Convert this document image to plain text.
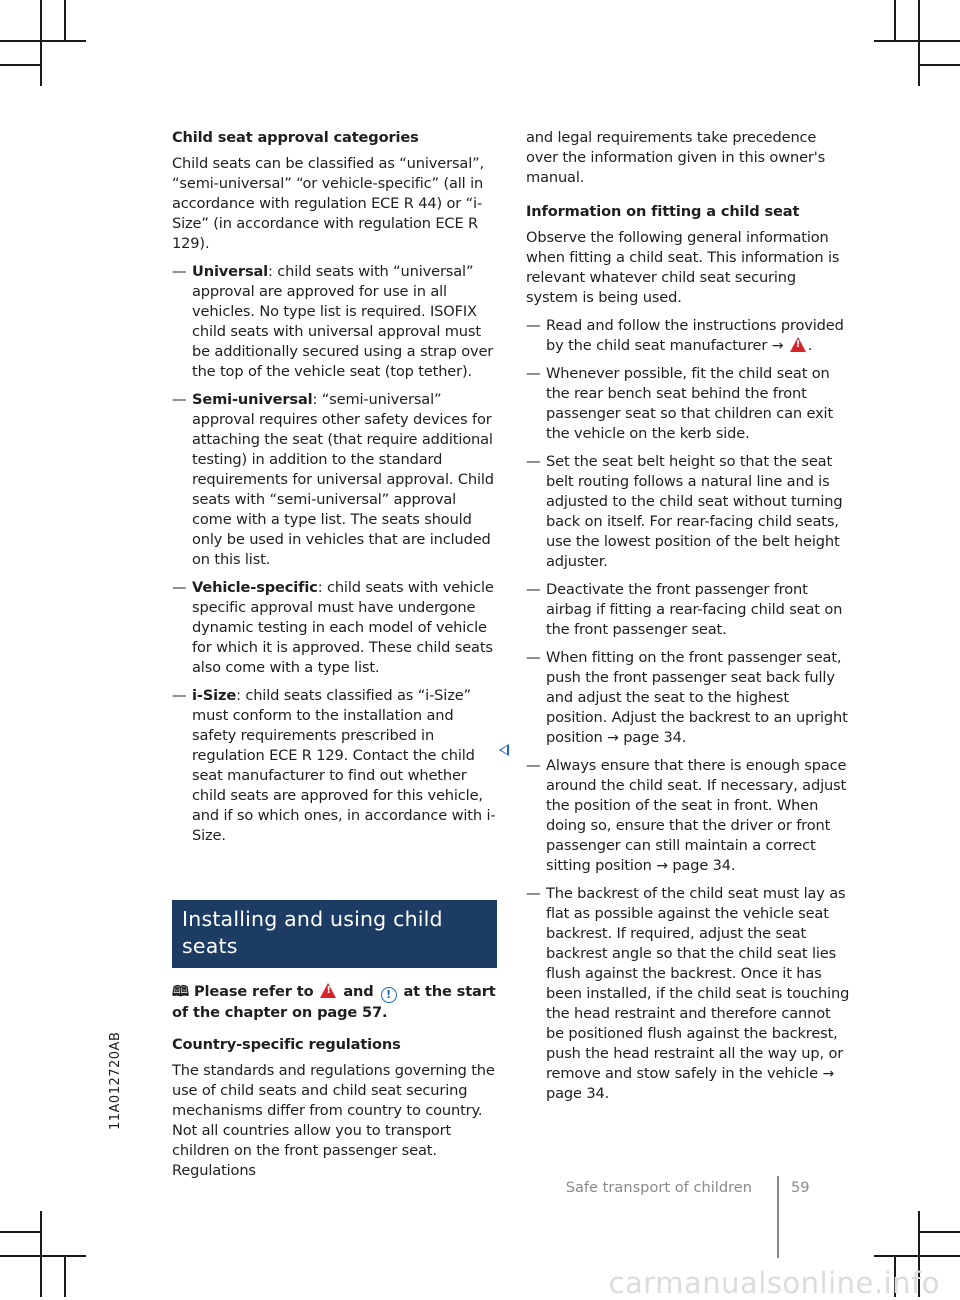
Child seat approval categories

Child seats can be classified as “universal”, “semi-universal” “or vehicle-specific” (all in accordance with regulation ECE R 44) or “i-Size” (in accordance with regulation ECE R 129).

— Universal: child seats with “universal” approval are approved for use in all vehicles. No type list is required. ISOFIX child seats with universal approval must be additionally secured using a strap over the top of the vehicle seat (top tether).
— Semi-universal: “semi-universal” approval requires other safety devices for attaching the seat (that require additional testing) in addition to the standard requirements for universal approval. Child seats with “semi-universal” approval come with a type list. The seats should only be used in vehicles that are included on this list.
— Vehicle-specific: child seats with vehicle specific approval must have undergone dynamic testing in each model of vehicle for which it is approved. These child seats also come with a type list.
— i-Size: child seats classified as “i-Size” must conform to the installation and safety requirements prescribed in regulation ECE R 129. Contact the child seat manufacturer to find out whether child seats are approved for this vehicle, and if so which ones, in accordance with i-Size.
Installing and using child seats
🕮 Please refer to ! and ! at the start of the chapter on page 57.
Country-specific regulations

The standards and regulations governing the use of child seats and child seat securing mechanisms differ from country to country. Not all countries allow you to transport children on the front passenger seat. Regulations

and legal requirements take precedence over the information given in this owner's manual.

Information on fitting a child seat

Observe the following general information when fitting a child seat. This information is relevant whatever child seat securing system is being used.

— Read and follow the instructions provided by the child seat manufacturer → ! .
— Whenever possible, fit the child seat on the rear bench seat behind the front passenger seat so that children can exit the vehicle on the kerb side.
— Set the seat belt height so that the seat belt routing follows a natural line and is adjusted to the child seat without turning back on itself. For rear-facing child seats, use the lowest position of the belt height adjuster.
— Deactivate the front passenger front airbag if fitting a rear-facing child seat on the front passenger seat.
— When fitting on the front passenger seat, push the front passenger seat back fully and adjust the seat to the highest position. Adjust the backrest to an upright position → page 34.
— Always ensure that there is enough space around the child seat. If necessary, adjust the position of the seat in front. When doing so, ensure that the driver or front passenger can still maintain a correct sitting position → page 34.
— The backrest of the child seat must lay as flat as possible against the vehicle seat backrest. If required, adjust the seat backrest angle so that the child seat lies flush against the backrest. Once it has been installed, if the child seat is touching the head restraint and therefore cannot be positioned flush against the backrest, push the head restraint all the way up, or remove and stow safely in the vehicle → page 34.
11A012720AB
Safe transport of children	59
carmanualsonline.info
